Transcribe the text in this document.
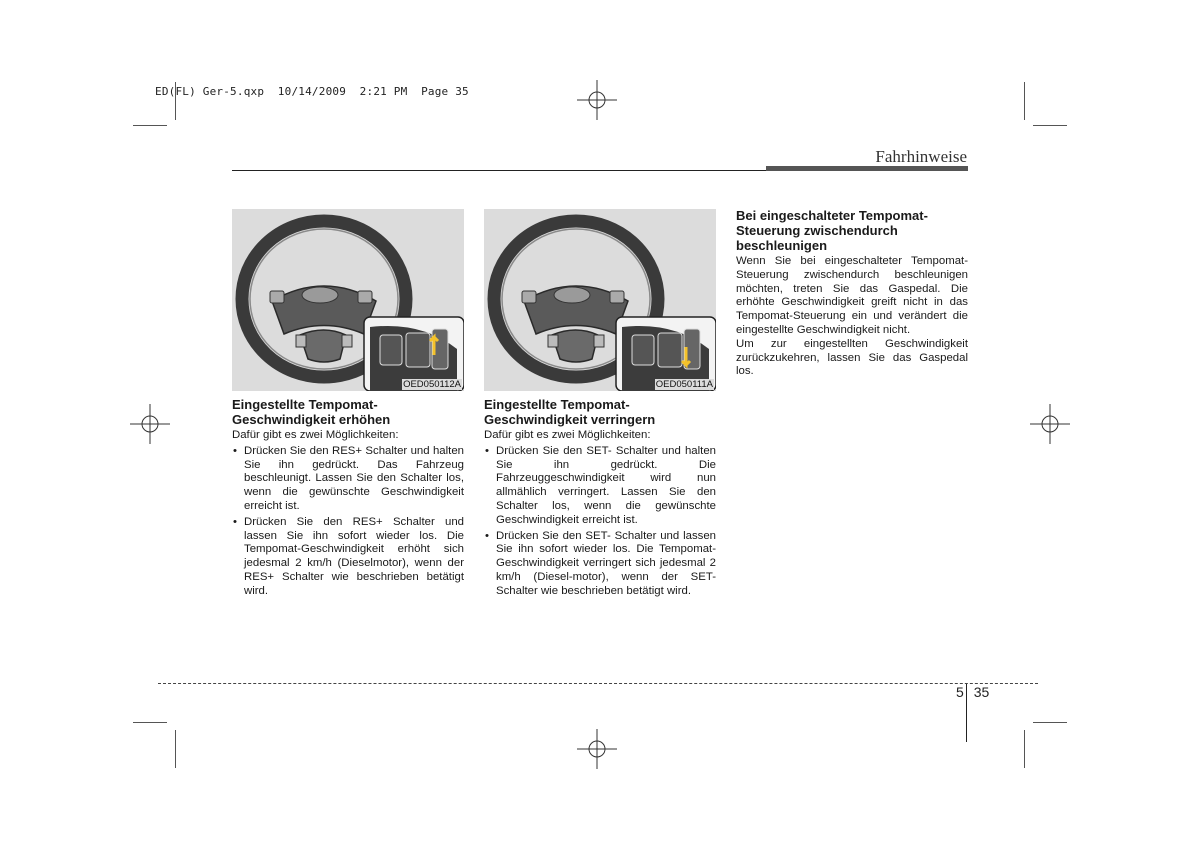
ED(FL) Ger-5.qxp  10/14/2009  2:21 PM  Page 35
Fahrhinweise
OED050112A	OED050111A

Eingestellte Tempomat-Geschwindigkeit erhöhen

Dafür gibt es zwei Möglichkeiten:

• Drücken Sie den RES+ Schalter und halten Sie ihn gedrückt. Das Fahrzeug beschleunigt. Lassen Sie den Schalter los, wenn die gewünschte Geschwindigkeit erreicht ist.
• Drücken Sie den RES+ Schalter und lassen Sie ihn sofort wieder los. Die Tempomat-Geschwindigkeit erhöht sich jedesmal 2 km/h (Dieselmotor), wenn der RES+ Schalter wie beschrieben betätigt wird.

Eingestellte Tempomat-Geschwindigkeit verringern

Dafür gibt es zwei Möglichkeiten:

• Drücken Sie den SET- Schalter und halten Sie ihn gedrückt. Die Fahrzeuggeschwindigkeit wird nun allmählich verringert. Lassen Sie den Schalter los, wenn die gewünschte Geschwindigkeit erreicht ist.
• Drücken Sie den SET- Schalter und lassen Sie ihn sofort wieder los. Die Tempomat-Geschwindigkeit verringert sich jedesmal 2 km/h (Diesel-motor), wenn der SET- Schalter wie beschrieben betätigt wird.

Bei eingeschalteter Tempomat-Steuerung zwischendurch beschleunigen

Wenn Sie bei eingeschalteter Tempomat-Steuerung zwischendurch beschleunigen möchten, treten Sie das Gaspedal. Die erhöhte Geschwindigkeit greift nicht in das Tempomat-Steuerung ein und verändert die eingestellte Geschwindigkeit nicht.

Um zur eingestellten Geschwindigkeit zurückzukehren, lassen Sie das Gaspedal los.

5 35
